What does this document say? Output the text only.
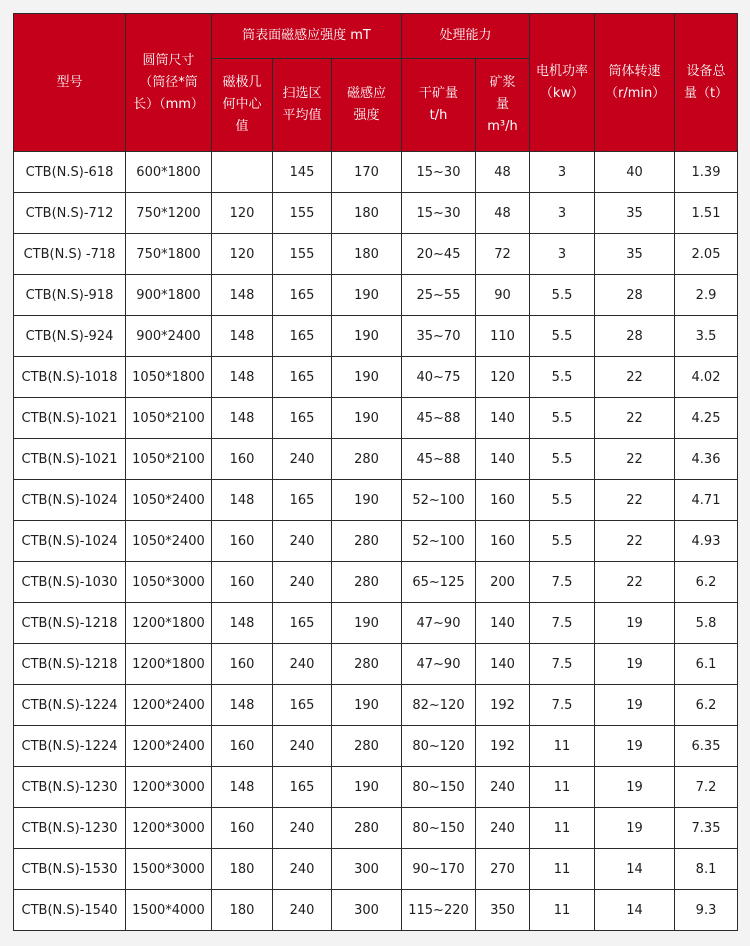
型号	圆筒尺寸（筒径*筒长）（mm）	筒表面磁感应强度 mT			处理能力		电机功率（kw）	筒体转速（r/min）	设备总量（t）
		磁极几何中心值	扫选区平均值	磁感应强度	干矿量t/h	矿浆量 m³/h			
CTB(N.S)-618	600*1800		145	170	15~30	48	3	40	1.39
CTB(N.S)-712	750*1200	120	155	180	15~30	48	3	35	1.51
CTB(N.S) -718	750*1800	120	155	180	20~45	72	3	35	2.05
CTB(N.S)-918	900*1800	148	165	190	25~55	90	5.5	28	2.9
CTB(N.S)-924	900*2400	148	165	190	35~70	110	5.5	28	3.5
CTB(N.S)-1018	1050*1800	148	165	190	40~75	120	5.5	22	4.02
CTB(N.S)-1021	1050*2100	148	165	190	45~88	140	5.5	22	4.25
CTB(N.S)-1021	1050*2100	160	240	280	45~88	140	5.5	22	4.36
CTB(N.S)-1024	1050*2400	148	165	190	52~100	160	5.5	22	4.71
CTB(N.S)-1024	1050*2400	160	240	280	52~100	160	5.5	22	4.93
CTB(N.S)-1030	1050*3000	160	240	280	65~125	200	7.5	22	6.2
CTB(N.S)-1218	1200*1800	148	165	190	47~90	140	7.5	19	5.8
CTB(N.S)-1218	1200*1800	160	240	280	47~90	140	7.5	19	6.1
CTB(N.S)-1224	1200*2400	148	165	190	82~120	192	7.5	19	6.2
CTB(N.S)-1224	1200*2400	160	240	280	80~120	192	11	19	6.35
CTB(N.S)-1230	1200*3000	148	165	190	80~150	240	11	19	7.2
CTB(N.S)-1230	1200*3000	160	240	280	80~150	240	11	19	7.35
CTB(N.S)-1530	1500*3000	180	240	300	90~170	270	11	14	8.1
CTB(N.S)-1540	1500*4000	180	240	300	115~220	350	11	14	9.3
